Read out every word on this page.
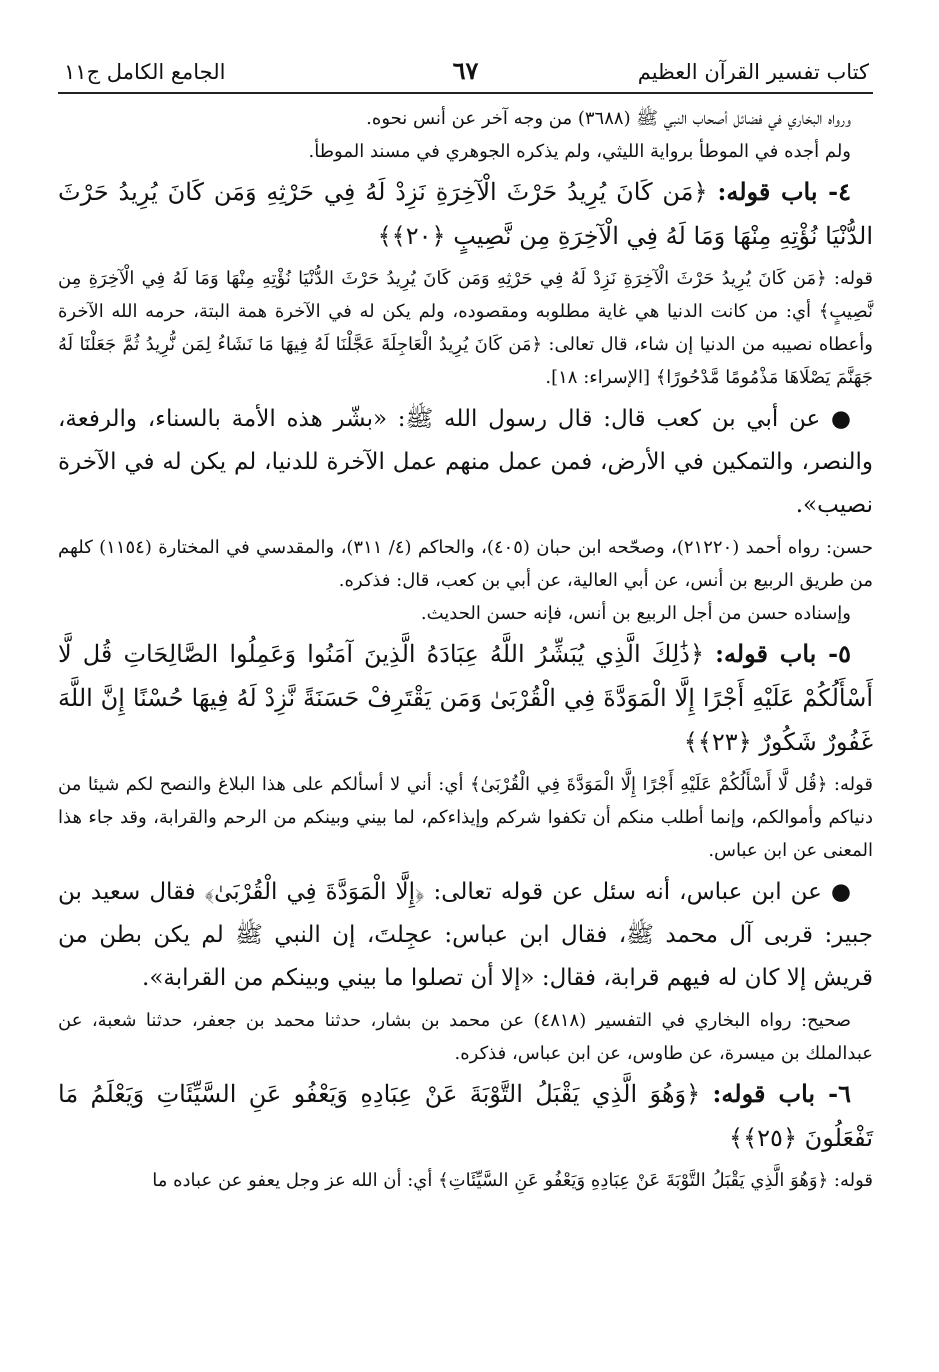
كتاب تفسير القرآن العظيم
٦٧
الجامع الكامل ج١١

ورواه البخاري في فضائل أصحاب النبي ﷺ (٣٦٨٨) من وجه آخر عن أنس نحوه.

ولم أجده في الموطأ برواية الليثي، ولم يذكره الجوهري في مسند الموطأ.

٤- باب قوله: ﴿مَن كَانَ يُرِيدُ حَرْثَ الْآخِرَةِ نَزِدْ لَهُ فِي حَرْثِهِ وَمَن كَانَ يُرِيدُ حَرْثَ الدُّنْيَا نُؤْتِهِ مِنْهَا وَمَا لَهُ فِي الْآخِرَةِ مِن نَّصِيبٍ ﴿٢٠﴾﴾

قوله: ﴿مَن كَانَ يُرِيدُ حَرْثَ الْآخِرَةِ نَزِدْ لَهُ فِي حَرْثِهِ وَمَن كَانَ يُرِيدُ حَرْثَ الدُّنْيَا نُؤْتِهِ مِنْهَا وَمَا لَهُ فِي الْآخِرَةِ مِن نَّصِيبٍ﴾ أي: من كانت الدنيا هي غاية مطلوبه ومقصوده، ولم يكن له في الآخرة همة البتة، حرمه الله الآخرة وأعطاه نصيبه من الدنيا إن شاء، قال تعالى: ﴿مَن كَانَ يُرِيدُ الْعَاجِلَةَ عَجَّلْنَا لَهُ فِيهَا مَا نَشَاءُ لِمَن نُّرِيدُ ثُمَّ جَعَلْنَا لَهُ جَهَنَّمَ يَصْلَاهَا مَذْمُومًا مَّدْحُورًا﴾ [الإسراء: ١٨].

● عن أبي بن كعب قال: قال رسول الله ﷺ: «بشّر هذه الأمة بالسناء، والرفعة، والنصر، والتمكين في الأرض، فمن عمل منهم عمل الآخرة للدنيا، لم يكن له في الآخرة نصيب».

حسن: رواه أحمد (٢١٢٢٠)، وصحّحه ابن حبان (٤٠٥)، والحاكم (٤/ ٣١١)، والمقدسي في المختارة (١١٥٤) كلهم من طريق الربيع بن أنس، عن أبي العالية، عن أبي بن كعب، قال: فذكره.

وإسناده حسن من أجل الربيع بن أنس، فإنه حسن الحديث.

٥- باب قوله: ﴿ذَٰلِكَ الَّذِي يُبَشِّرُ اللَّهُ عِبَادَهُ الَّذِينَ آمَنُوا وَعَمِلُوا الصَّالِحَاتِ قُل لَّا أَسْأَلُكُمْ عَلَيْهِ أَجْرًا إِلَّا الْمَوَدَّةَ فِي الْقُرْبَىٰ وَمَن يَقْتَرِفْ حَسَنَةً نَّزِدْ لَهُ فِيهَا حُسْنًا إِنَّ اللَّهَ غَفُورٌ شَكُورٌ ﴿٢٣﴾﴾

قوله: ﴿قُل لَّا أَسْأَلُكُمْ عَلَيْهِ أَجْرًا إِلَّا الْمَوَدَّةَ فِي الْقُرْبَىٰ﴾ أي: أني لا أسألكم على هذا البلاغ والنصح لكم شيئا من دنياكم وأموالكم، وإنما أطلب منكم أن تكفوا شركم وإيذاءكم، لما بيني وبينكم من الرحم والقرابة، وقد جاء هذا المعنى عن ابن عباس.

● عن ابن عباس، أنه سئل عن قوله تعالى: ﴿إِلَّا الْمَوَدَّةَ فِي الْقُرْبَىٰ﴾ فقال سعيد بن جبير: قربى آل محمد ﷺ، فقال ابن عباس: عجِلتَ، إن النبي ﷺ لم يكن بطن من قريش إلا كان له فيهم قرابة، فقال: «إلا أن تصلوا ما بيني وبينكم من القرابة».

صحيح: رواه البخاري في التفسير (٤٨١٨) عن محمد بن بشار، حدثنا محمد بن جعفر، حدثنا شعبة، عن عبدالملك بن ميسرة، عن طاوس، عن ابن عباس، فذكره.

٦- باب قوله: ﴿وَهُوَ الَّذِي يَقْبَلُ التَّوْبَةَ عَنْ عِبَادِهِ وَيَعْفُو عَنِ السَّيِّئَاتِ وَيَعْلَمُ مَا تَفْعَلُونَ ﴿٢٥﴾﴾

قوله: ﴿وَهُوَ الَّذِي يَقْبَلُ التَّوْبَةَ عَنْ عِبَادِهِ وَيَعْفُو عَنِ السَّيِّئَاتِ﴾ أي: أن الله عز وجل يعفو عن عباده ما
